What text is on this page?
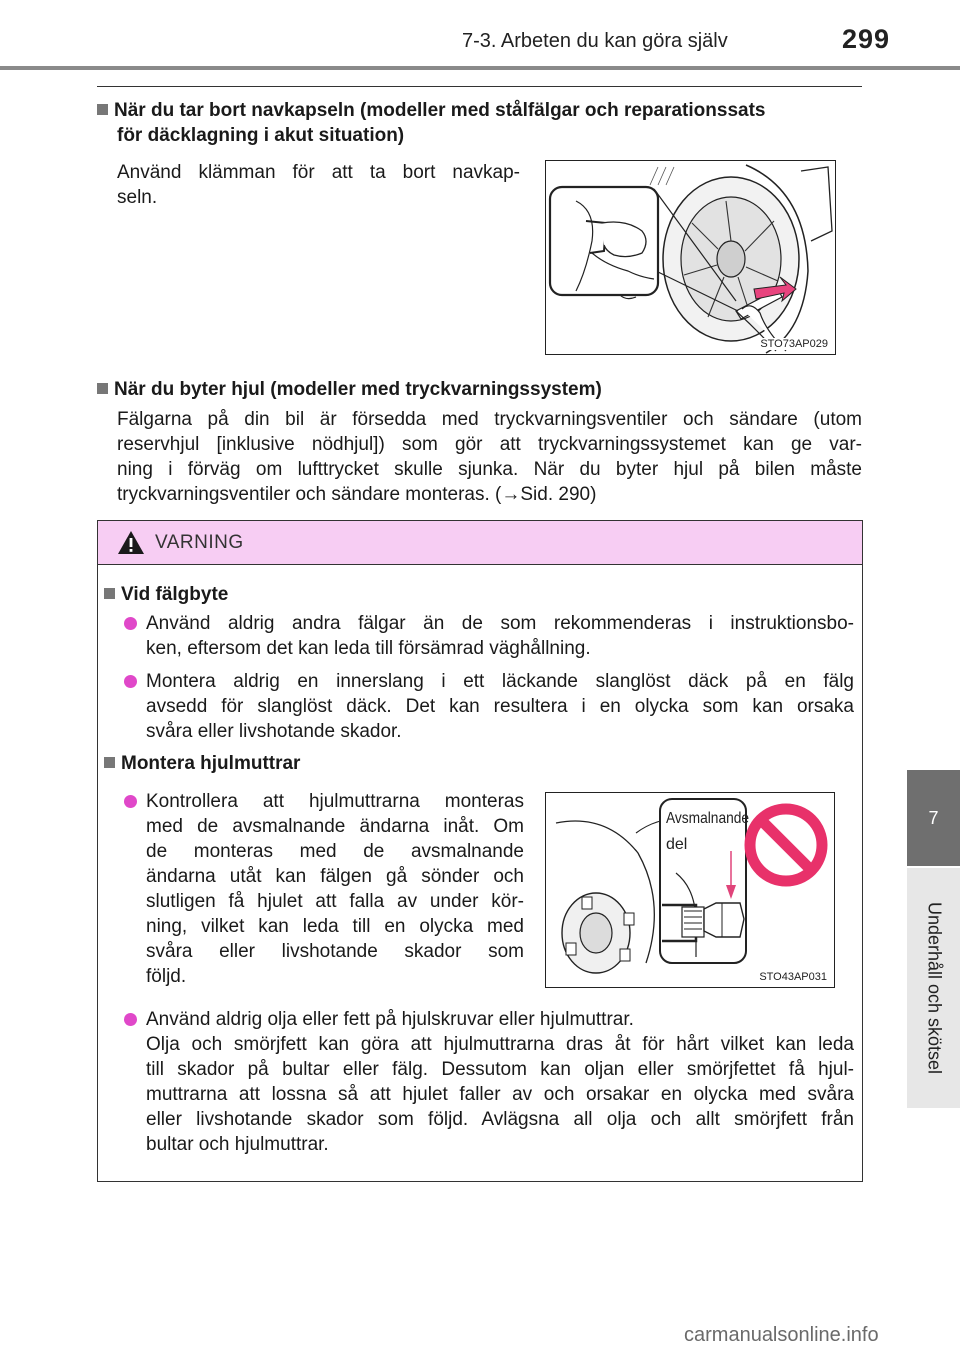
7-3. Arbeten du kan göra själv	299
7
Underhåll och skötsel
När du tar bort navkapseln (modeller med stålfälgar och reparationssats
för däcklagning i akut situation)
Använd klämman för att ta bort navkap-
seln.
STO73AP029
När du byter hjul (modeller med tryckvarningssystem)
Fälgarna på din bil är försedda med tryckvarningsventiler och sändare (utom
reservhjul [inklusive nödhjul]) som gör att tryckvarningssystemet kan ge var-
ning i förväg om lufttrycket skulle sjunka. När du byter hjul på bilen måste
tryckvarningsventiler och sändare monteras. (→Sid. 290)
VARNING
Vid fälgbyte
Använd aldrig andra fälgar än de som rekommenderas i instruktionsbo-
ken, eftersom det kan leda till försämrad väghållning.
Montera aldrig en innerslang i ett läckande slanglöst däck på en fälg
avsedd för slanglöst däck. Det kan resultera i en olycka som kan orsaka
svåra eller livshotande skador.
Montera hjulmuttrar
Kontrollera att hjulmuttrarna monteras
med de avsmalnande ändarna inåt. Om
de monteras med de avsmalnande
ändarna utåt kan fälgen gå sönder och
slutligen få hjulet att falla av under kör-
ning, vilket kan leda till en olycka med
svåra eller livshotande skador som
följd.
Avsmalnande
del
STO43AP031
Använd aldrig olja eller fett på hjulskruvar eller hjulmuttrar.
Olja och smörjfett kan göra att hjulmuttrarna dras åt för hårt vilket kan leda
till skador på bultar eller fälg. Dessutom kan oljan eller smörjfettet få hjul-
muttrarna att lossna så att hjulet faller av och orsakar en olycka med svåra
eller livshotande skador som följd. Avlägsna all olja och allt smörjfett från
bultar och hjulmuttrar.
carmanualsonline.info
